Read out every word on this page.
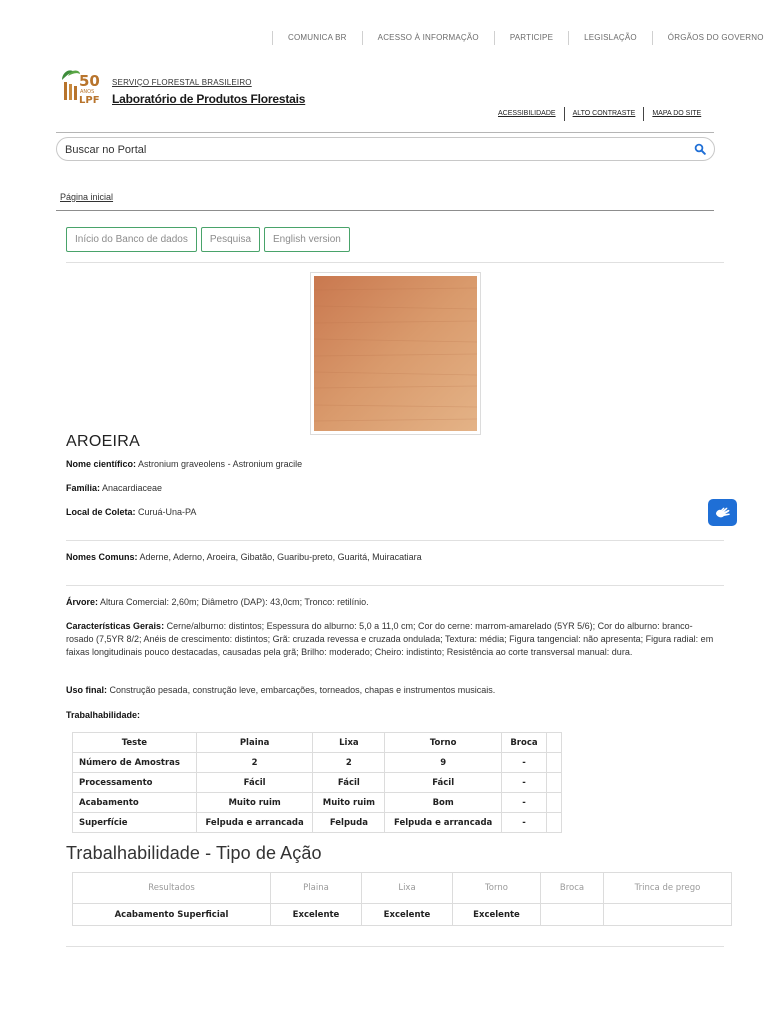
COMUNICA BR	ACESSO À INFORMAÇÃO	PARTICIPE	LEGISLAÇÃO	ÓRGÃOS DO GOVERNO
50
ANOS
LPF
SERVIÇO FLORESTAL BRASILEIRO
Laboratório de Produtos Florestais
ACESSIBILIDADE	ALTO CONTRASTE	MAPA DO SITE
Buscar no Portal
Página inicial
Início do Banco de dados	Pesquisa	English version
AROEIRA
Nome científico: Astronium graveolens - Astronium gracile
Família: Anacardiaceae
Local de Coleta: Curuá-Una-PA
Nomes Comuns: Aderne, Aderno, Aroeira, Gibatão, Guaribu-preto, Guaritá, Muiracatiara
Árvore: Altura Comercial: 2,60m; Diâmetro (DAP): 43,0cm; Tronco: retilínio.
Características Gerais: Cerne/alburno: distintos; Espessura do alburno: 5,0 a 11,0 cm; Cor do cerne: marrom-amarelado (5YR 5/6); Cor do alburno: branco-rosado (7,5YR 8/2; Anéis de crescimento: distintos; Grã: cruzada revessa e cruzada ondulada; Textura: média; Figura tangencial: não apresenta; Figura radial: em faixas longitudinais pouco destacadas, causadas pela grã; Brilho: moderado; Cheiro: indistinto; Resistência ao corte transversal manual: dura.
Uso final: Construção pesada, construção leve, embarcações, torneados, chapas e instrumentos musicais.
Trabalhabilidade:
Teste	Plaina	Lixa	Torno	Broca	
Número de Amostras	2	2	9	-	
Processamento	Fácil	Fácil	Fácil	-	
Acabamento	Muito ruim	Muito ruim	Bom	-	
Superfície	Felpuda e arrancada	Felpuda	Felpuda e arrancada	-	
Trabalhabilidade - Tipo de Ação
Resultados	Plaina	Lixa	Torno	Broca	Trinca de prego
Acabamento Superficial	Excelente	Excelente	Excelente		
